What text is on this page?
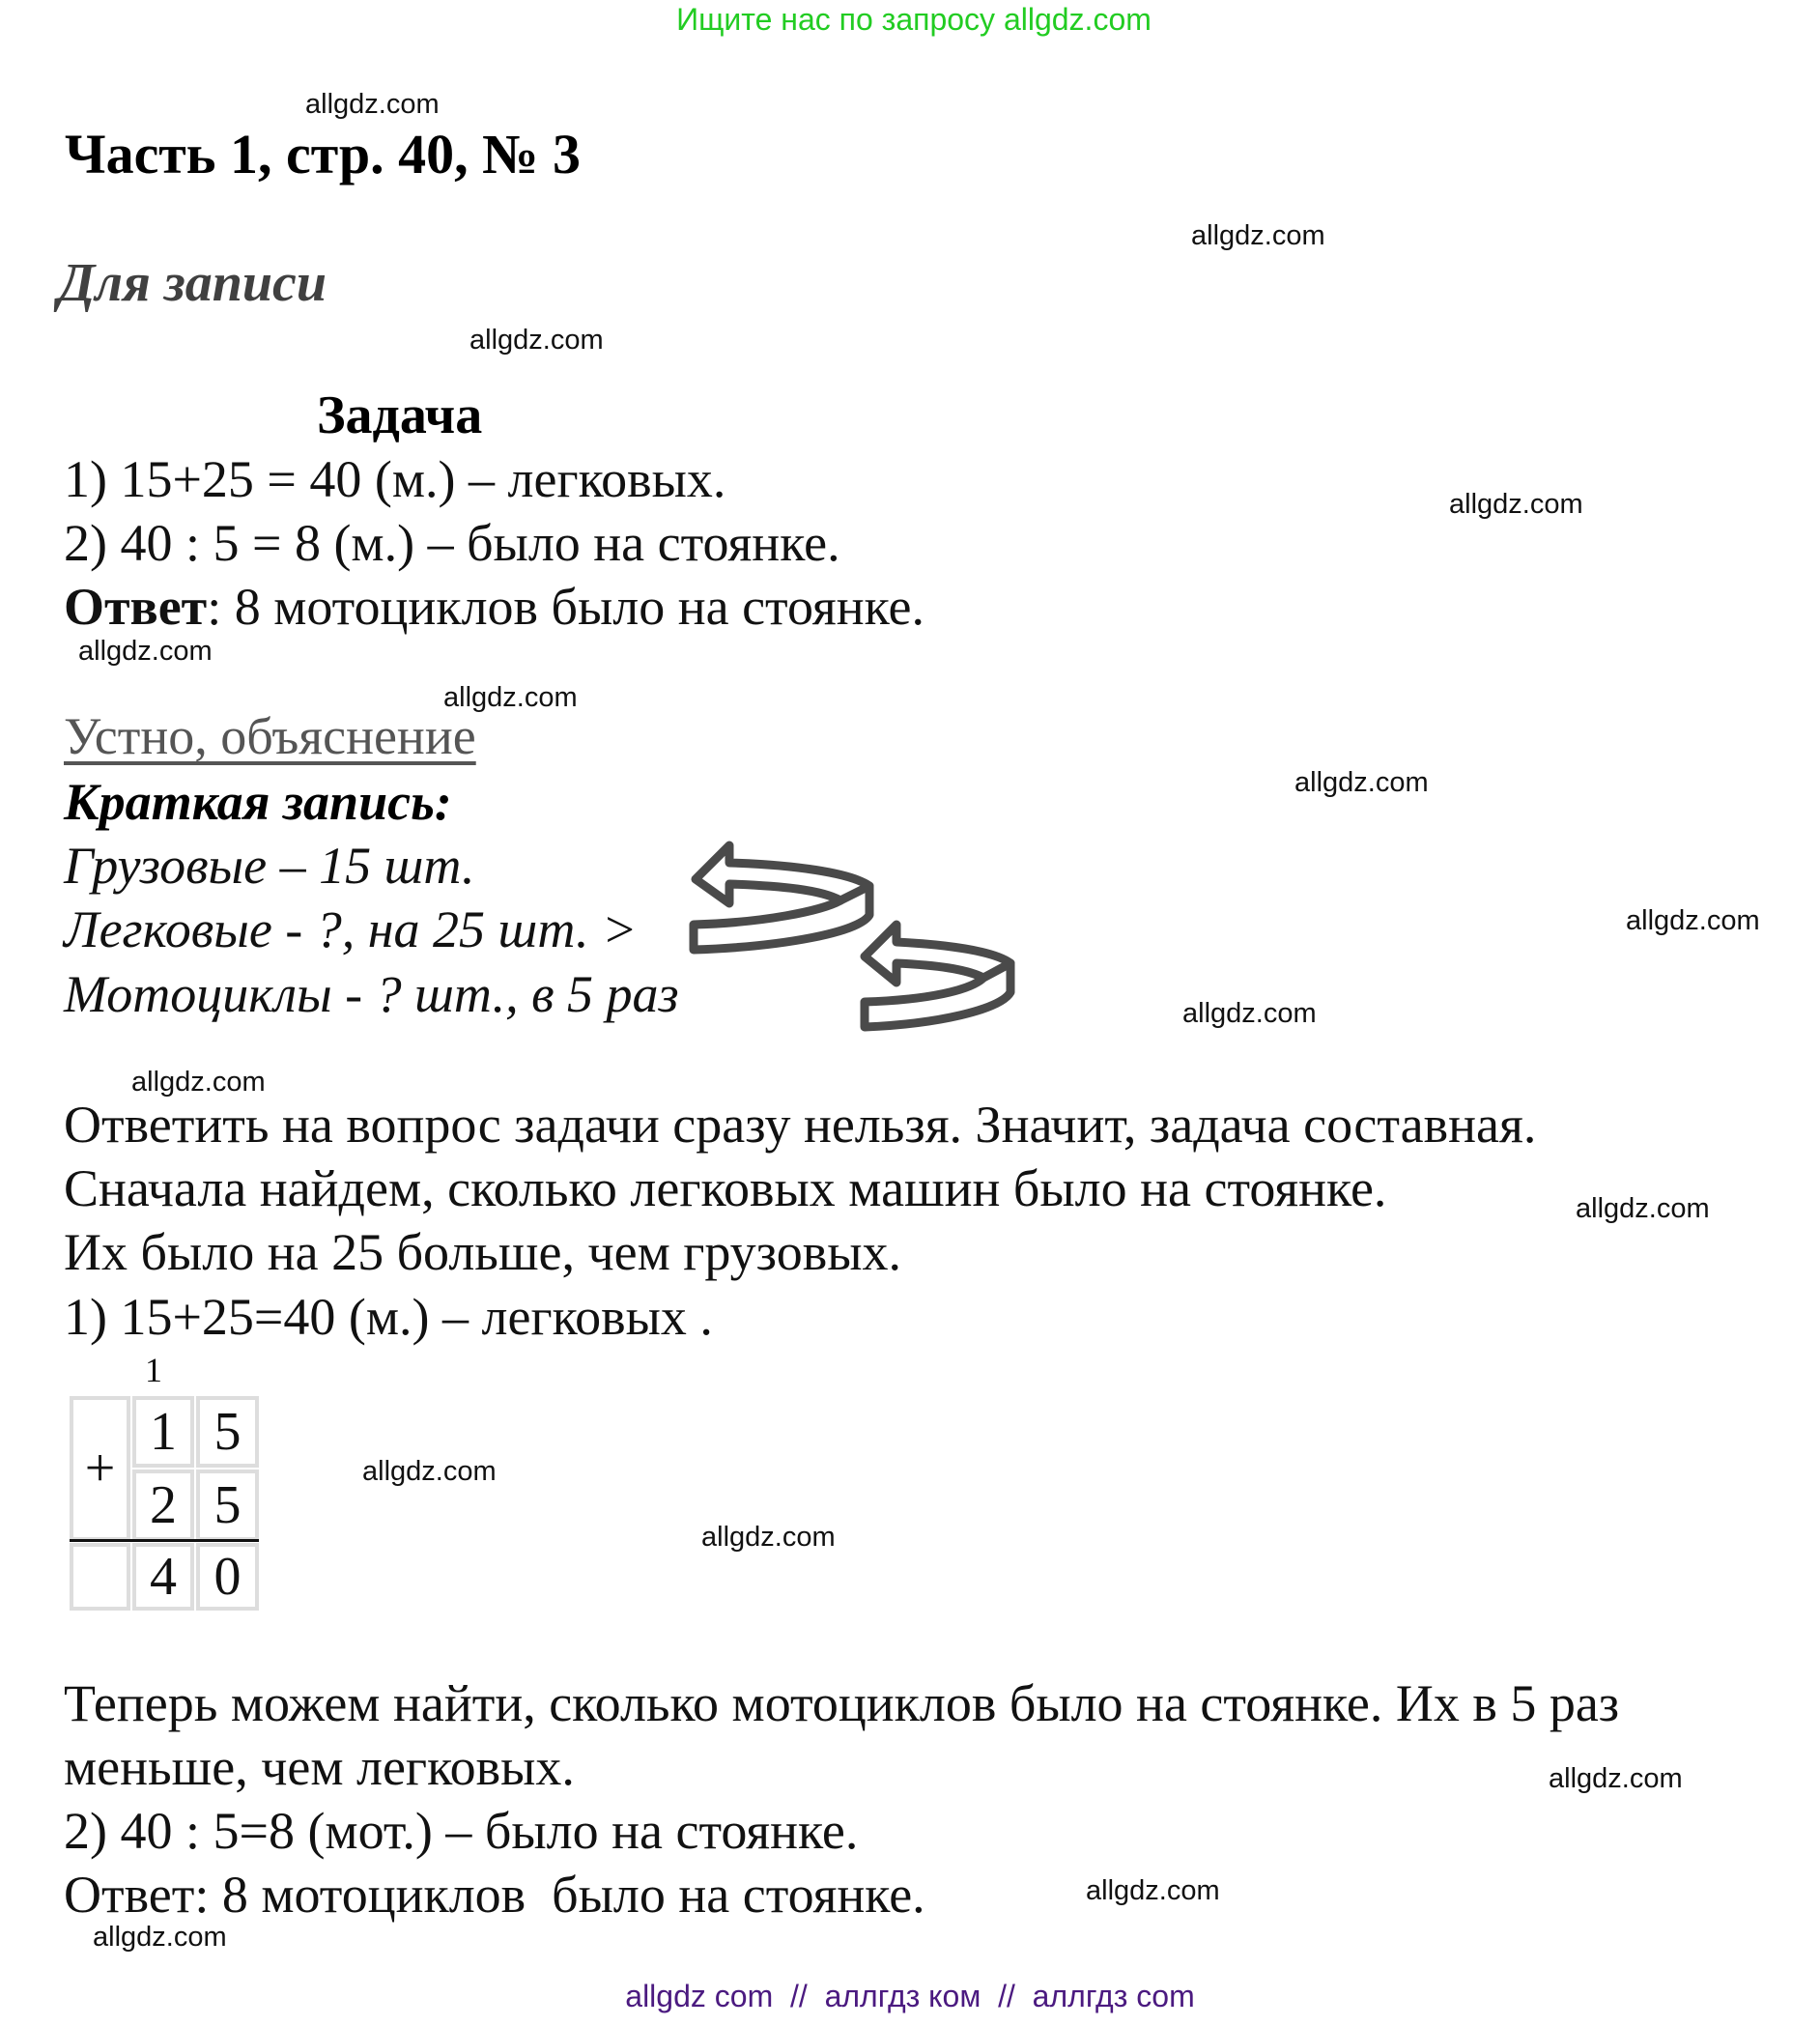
Ищите нас по запросу allgdz.com
Часть 1, стр. 40, № 3
Для записи
Задача
1) 15+25 = 40 (м.) – легковых.
2) 40 : 5 = 8 (м.) – было на стоянке.
Ответ: 8 мотоциклов было на стоянке.
Устно, объяснение
Краткая запись:
Грузовые – 15 шт.
Легковые - ?, на 25 шт. >
Мотоциклы - ? шт., в 5 раз
Ответить на вопрос задачи сразу нельзя. Значит, задача составная.
Сначала найдем, сколько легковых машин было на стоянке.
Их было на 25 больше, чем грузовых.
1) 15+25=40 (м.) – легковых .
1
+
1 5
2 5
4 0
Теперь можем найти, сколько мотоциклов было на стоянке. Их в 5 раз
меньше, чем легковых.
2) 40 : 5=8 (мот.) – было на стоянке.
Ответ: 8 мотоциклов  было на стоянке.
allgdz.com
allgdz.com
allgdz.com
allgdz.com
allgdz.com
allgdz.com
allgdz.com
allgdz.com
allgdz.com
allgdz.com
allgdz.com
allgdz.com
allgdz.com
allgdz.com
allgdz.com
allgdz.com
allgdz com  //  аллгдз ком  //  аллгдз com
